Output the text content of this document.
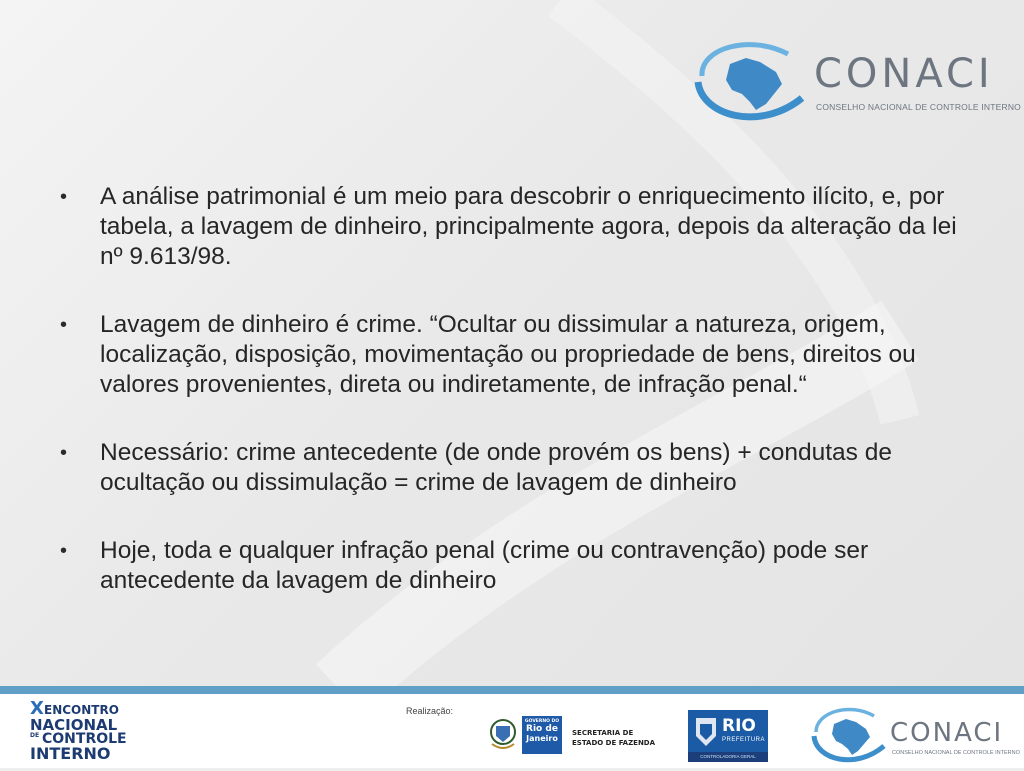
CONACI
CONSELHO NACIONAL DE CONTROLE INTERNO
• A análise patrimonial é um meio para descobrir o enriquecimento ilícito, e, por tabela, a lavagem de dinheiro, principalmente agora, depois da alteração da lei nº 9.613/98.
• Lavagem de dinheiro é crime. “Ocultar ou dissimular a natureza, origem, localização, disposição, movimentação ou propriedade de bens, direitos ou valores provenientes, direta ou indiretamente, de infração penal.“
• Necessário: crime antecedente (de onde provém os bens) + condutas de ocultação ou dissimulação = crime de lavagem de dinheiro
• Hoje, toda e qualquer infração penal (crime ou contravenção) pode ser antecedente da lavagem de dinheiro
X ENCONTRO
NACIONAL
DE CONTROLE
INTERNO
Realização:
GOVERNO DO
Rio de
Janeiro
SECRETARIA DE
ESTADO DE FAZENDA
RIO
PREFEITURA
CONTROLADORIA GERAL
CONACI
CONSELHO NACIONAL DE CONTROLE INTERNO
